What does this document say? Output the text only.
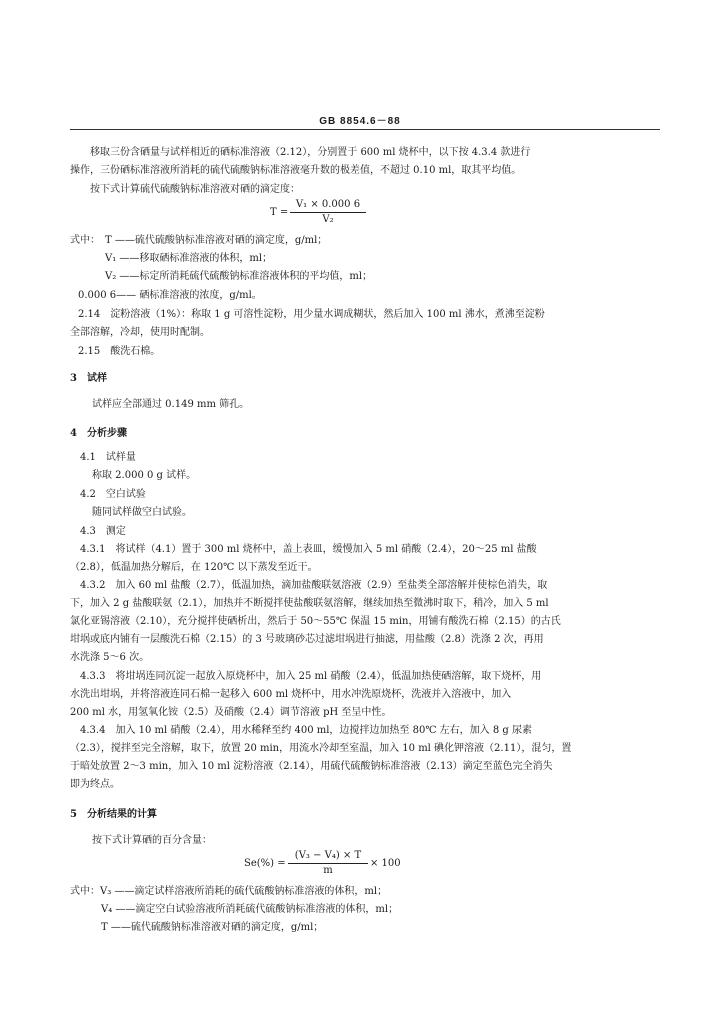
GB 8854.6－88
移取三份含硒量与试样相近的硒标准溶液（2.12），分别置于 600 ml 烧杯中，以下按 4.3.4 款进行
操作，三份硒标准溶液所消耗的硫代硫酸钠标准溶液毫升数的极差值，不超过 0.10 ml，取其平均值。
按下式计算硫代硫酸钠标准溶液对硒的滴定度：
T =
V₁ × 0.000 6
V₂
式中： T ——硫代硫酸钠标准溶液对硒的滴定度，g/ml；
V₁ ——移取硒标准溶液的体积，ml；
V₂ ——标定所消耗硫代硫酸钠标准溶液体积的平均值，ml；
0.000 6—— 硒标准溶液的浓度，g/ml。
2.14　淀粉溶液（1%）：称取 1 g 可溶性淀粉，用少量水调成糊状，然后加入 100 ml 沸水，煮沸至淀粉
全部溶解，冷却，使用时配制。
2.15　酸洗石棉。
3　试样
试样应全部通过 0.149 mm 筛孔。
4　分析步骤
4.1　试样量
称取 2.000 0 g 试样。
4.2　空白试验
随同试样做空白试验。
4.3　测定
4.3.1　将试样（4.1）置于 300 ml 烧杯中，盖上表皿，缓慢加入 5 ml 硝酸（2.4），20～25 ml 盐酸
（2.8），低温加热分解后，在 120℃ 以下蒸发至近干。
4.3.2　加入 60 ml 盐酸（2.7），低温加热，滴加盐酸联氨溶液（2.9）至盐类全部溶解并使棕色消失，取
下，加入 2 g 盐酸联氨（2.1），加热并不断搅拌使盐酸联氨溶解，继续加热至微沸时取下，稍冷，加入 5 ml
氯化亚锡溶液（2.10），充分搅拌使硒析出，然后于 50～55℃ 保温 15 min，用铺有酸洗石棉（2.15）的古氏
坩埚或底内铺有一层酸洗石棉（2.15）的 3 号玻璃砂芯过滤坩埚进行抽滤，用盐酸（2.8）洗涤 2 次，再用
水洗涤 5～6 次。
4.3.3　将坩埚连同沉淀一起放入原烧杯中，加入 25 ml 硝酸（2.4），低温加热使硒溶解，取下烧杯，用
水洗出坩埚，并将溶液连同石棉一起移入 600 ml 烧杯中，用水冲洗原烧杯，洗液并入溶液中，加入
200 ml 水，用氢氧化铵（2.5）及硝酸（2.4）调节溶液 pH 至呈中性。
4.3.4　加入 10 ml 硝酸（2.4），用水稀释至约 400 ml，边搅拌边加热至 80℃ 左右，加入 8 g 尿素
（2.3），搅拌至完全溶解，取下，放置 20 min，用流水冷却至室温，加入 10 ml 碘化钾溶液（2.11），混匀，置
于暗处放置 2～3 min，加入 10 ml 淀粉溶液（2.14），用硫代硫酸钠标准溶液（2.13）滴定至蓝色完全消失
即为终点。
5　分析结果的计算
按下式计算硒的百分含量：
Se(%) =
(V₃ − V₄) × T
m
× 100
式中：V₃ ——滴定试样溶液所消耗的硫代硫酸钠标准溶液的体积，ml；
V₄ ——滴定空白试验溶液所消耗硫代硫酸钠标准溶液的体积，ml；
T ——硫代硫酸钠标准溶液对硒的滴定度，g/ml；
